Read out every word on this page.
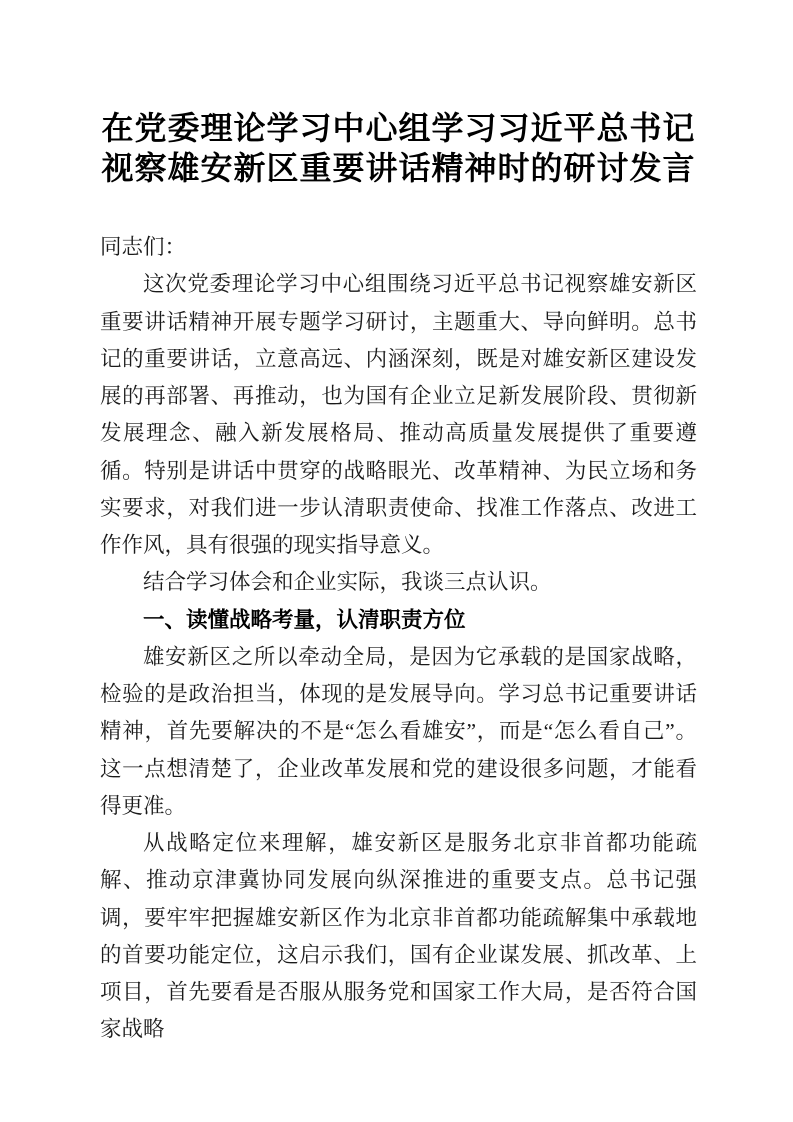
在党委理论学习中心组学习习近平总书记视察雄安新区重要讲话精神时的研讨发言

同志们：

这次党委理论学习中心组围绕习近平总书记视察雄安新区重要讲话精神开展专题学习研讨，主题重大、导向鲜明。总书记的重要讲话，立意高远、内涵深刻，既是对雄安新区建设发展的再部署、再推动，也为国有企业立足新发展阶段、贯彻新发展理念、融入新发展格局、推动高质量发展提供了重要遵循。特别是讲话中贯穿的战略眼光、改革精神、为民立场和务实要求，对我们进一步认清职责使命、找准工作落点、改进工作作风，具有很强的现实指导意义。

结合学习体会和企业实际，我谈三点认识。

一、读懂战略考量，认清职责方位

雄安新区之所以牵动全局，是因为它承载的是国家战略，检验的是政治担当，体现的是发展导向。学习总书记重要讲话精神，首先要解决的不是“怎么看雄安”，而是“怎么看自己”。这一点想清楚了，企业改革发展和党的建设很多问题，才能看得更准。

从战略定位来理解，雄安新区是服务北京非首都功能疏解、推动京津冀协同发展向纵深推进的重要支点。总书记强调，要牢牢把握雄安新区作为北京非首都功能疏解集中承载地的首要功能定位，这启示我们，国有企业谋发展、抓改革、上项目，首先要看是否服从服务党和国家工作大局，是否符合国家战略
